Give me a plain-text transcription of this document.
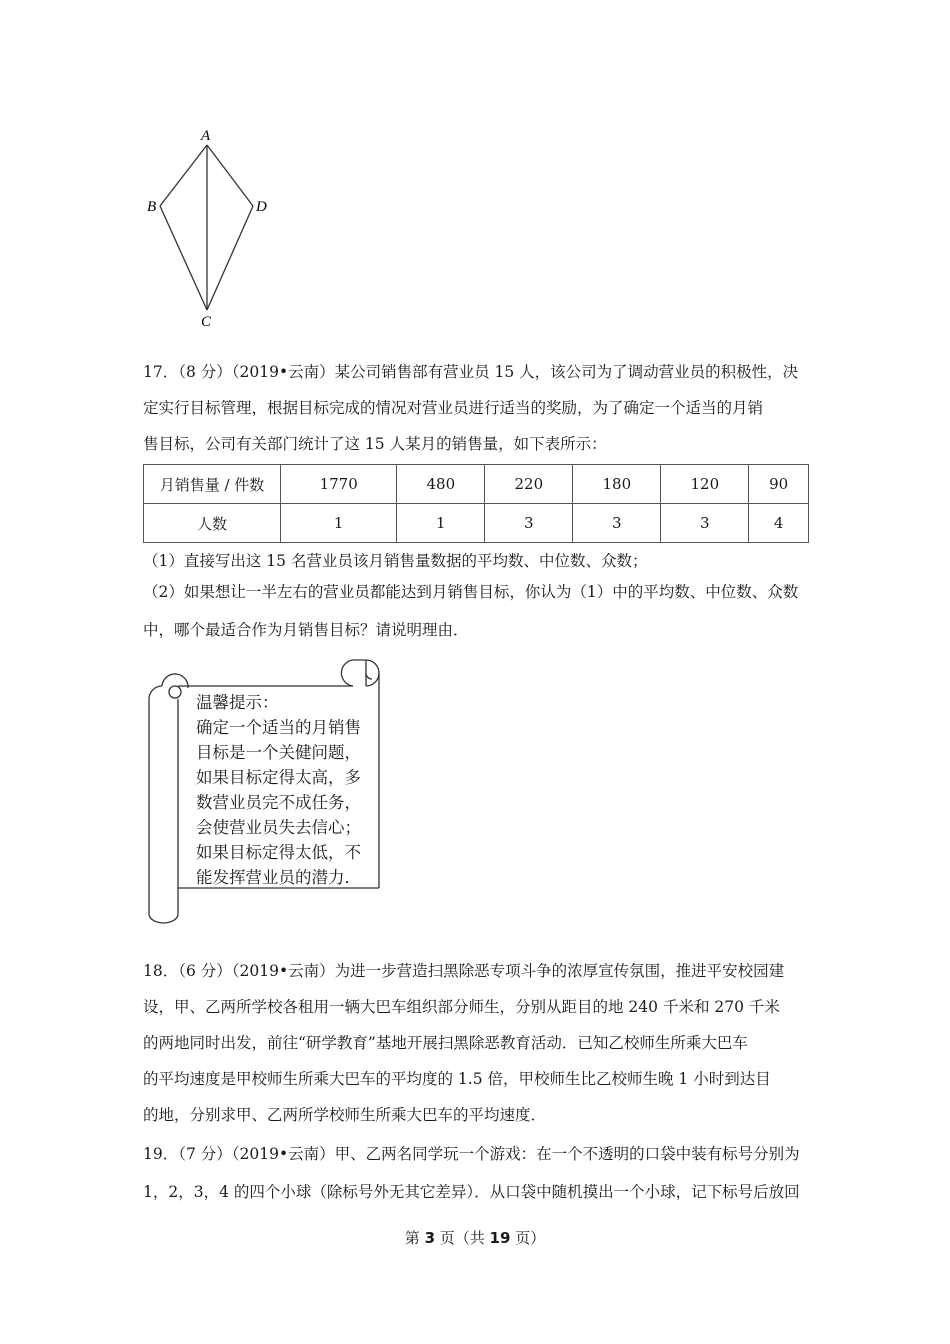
A
B	D
C

17．（8 分）（2019•云南）某公司销售部有营业员 15 人，该公司为了调动营业员的积极性，决

定实行目标管理，根据目标完成的情况对营业员进行适当的奖励，为了确定一个适当的月销

售目标，公司有关部门统计了这 15 人某月的销售量，如下表所示：

月销售量 / 件数	1770	480	220	180	120	90
人数	1	1	3	3	3	4

（1）直接写出这 15 名营业员该月销售量数据的平均数、中位数、众数；

（2）如果想让一半左右的营业员都能达到月销售目标，你认为（1）中的平均数、中位数、众数

中，哪个最适合作为月销售目标？请说明理由．

温馨提示：
确定一个适当的月销售
目标是一个关健问题，
如果目标定得太高，多
数营业员完不成任务，
会使营业员失去信心；
如果目标定得太低，不
能发挥营业员的潜力．

18．（6 分）（2019•云南）为进一步营造扫黑除恶专项斗争的浓厚宣传氛围，推进平安校园建

设，甲、乙两所学校各租用一辆大巴车组织部分师生，分别从距目的地 240 千米和 270 千米

的两地同时出发，前往“研学教育”基地开展扫黑除恶教育活动．已知乙校师生所乘大巴车

的平均速度是甲校师生所乘大巴车的平均度的 1.5 倍，甲校师生比乙校师生晚 1 小时到达目

的地，分别求甲、乙两所学校师生所乘大巴车的平均速度．

19．（7 分）（2019•云南）甲、乙两名同学玩一个游戏：在一个不透明的口袋中装有标号分别为

1，2，3，4 的四个小球（除标号外无其它差异）．从口袋中随机摸出一个小球，记下标号后放回

第 3 页（共 19 页）
